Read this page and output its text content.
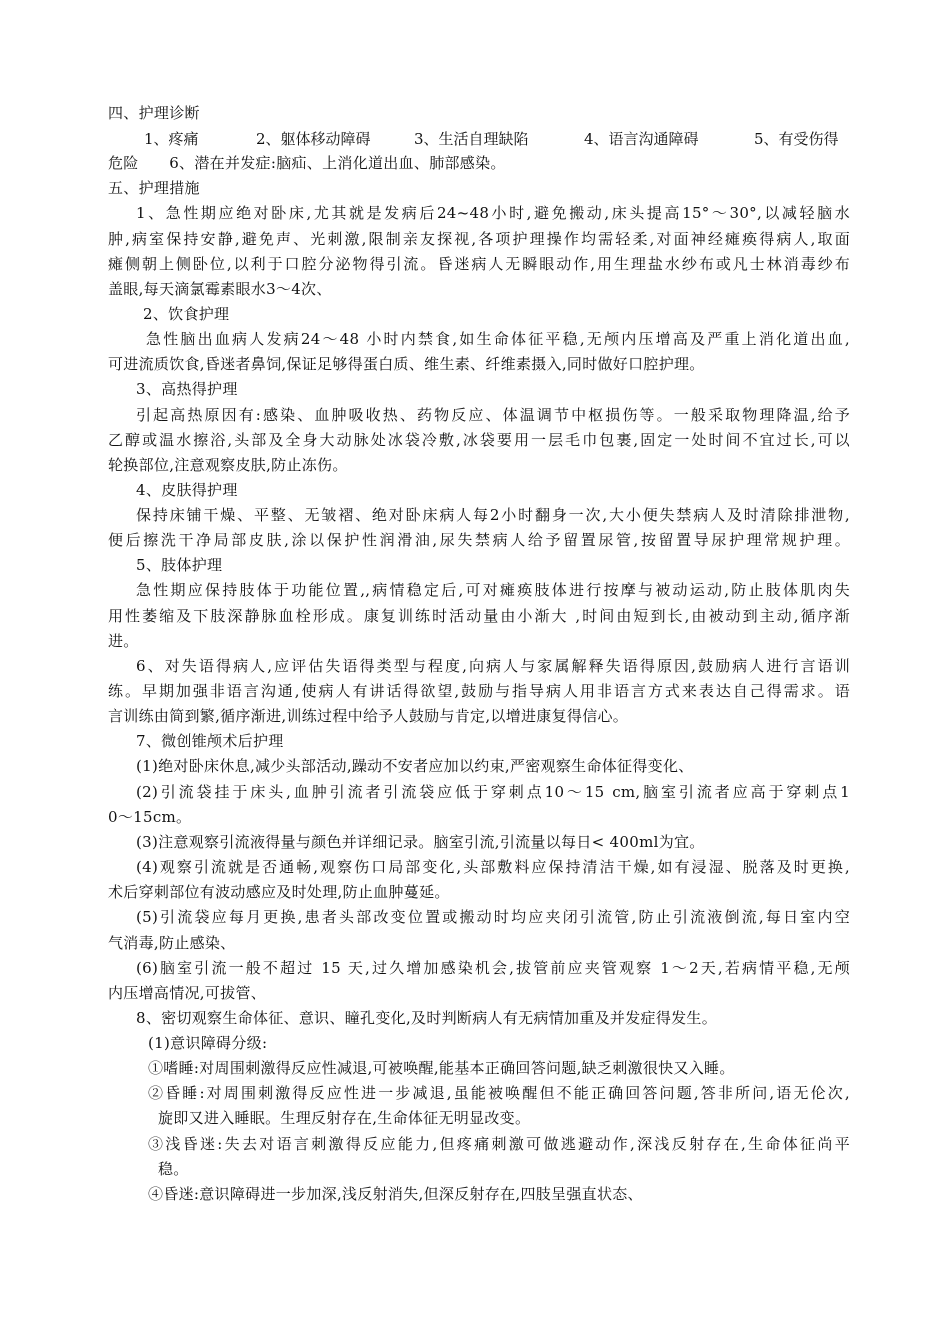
四、护理诊断
1、疼痛	2、躯体移动障碍	3、生活自理缺陷	4、语言沟通障碍	5、有受伤得
危险　　6、潜在并发症:脑疝、上消化道出血、肺部感染。
五、护理措施
1、急性期应绝对卧床,尤其就是发病后24~48小时,避免搬动,床头提高15°～30°,以减轻脑水
肿,病室保持安静,避免声、光刺激,限制亲友探视,各项护理操作均需轻柔,对面神经瘫痪得病人,取面
瘫侧朝上侧卧位,以利于口腔分泌物得引流。昏迷病人无瞬眼动作,用生理盐水纱布或凡士林消毒纱布
盖眼,每天滴氯霉素眼水3～4次、
2、饮食护理
急性脑出血病人发病24～48 小时内禁食,如生命体征平稳,无颅内压增高及严重上消化道出血,
可进流质饮食,昏迷者鼻饲,保证足够得蛋白质、维生素、纤维素摄入,同时做好口腔护理。
3、高热得护理
引起高热原因有:感染、血肿吸收热、药物反应、体温调节中枢损伤等。一般采取物理降温,给予
乙醇或温水擦浴,头部及全身大动脉处冰袋冷敷,冰袋要用一层毛巾包裹,固定一处时间不宜过长,可以
轮换部位,注意观察皮肤,防止冻伤。
4、皮肤得护理
保持床铺干燥、平整、无皱褶、绝对卧床病人每2小时翻身一次,大小便失禁病人及时清除排泄物,
便后擦洗干净局部皮肤,涂以保护性润滑油,尿失禁病人给予留置尿管,按留置导尿护理常规护理。
5、肢体护理
急性期应保持肢体于功能位置,,病情稳定后,可对瘫痪肢体进行按摩与被动运动,防止肢体肌肉失
用性萎缩及下肢深静脉血栓形成。康复训练时活动量由小渐大 ,时间由短到长,由被动到主动,循序渐
进。
6、对失语得病人,应评估失语得类型与程度,向病人与家属解释失语得原因,鼓励病人进行言语训
练。早期加强非语言沟通,使病人有讲话得欲望,鼓励与指导病人用非语言方式来表达自己得需求。语
言训练由简到繁,循序渐进,训练过程中给予人鼓励与肯定,以增进康复得信心。
7、微创锥颅术后护理
(1)绝对卧床休息,减少头部活动,躁动不安者应加以约束,严密观察生命体征得变化、
(2)引流袋挂于床头,血肿引流者引流袋应低于穿刺点10～15 cm,脑室引流者应高于穿刺点1
0～15cm。
(3)注意观察引流液得量与颜色并详细记录。脑室引流,引流量以每日< 400ml为宜。
(4)观察引流就是否通畅,观察伤口局部变化,头部敷料应保持清洁干燥,如有浸湿、脱落及时更换,
术后穿刺部位有波动感应及时处理,防止血肿蔓延。
(5)引流袋应每月更换,患者头部改变位置或搬动时均应夹闭引流管,防止引流液倒流,每日室内空
气消毒,防止感染、
(6)脑室引流一般不超过 15 天,过久增加感染机会,拔管前应夹管观察 1～2天,若病情平稳,无颅
内压增高情况,可拔管、
8、密切观察生命体征、意识、瞳孔变化,及时判断病人有无病情加重及并发症得发生。
(1)意识障碍分级:
①嗜睡:对周围刺激得反应性减退,可被唤醒,能基本正确回答问题,缺乏刺激很快又入睡。
②昏睡:对周围刺激得反应性进一步减退,虽能被唤醒但不能正确回答问题,答非所问,语无伦次,
旋即又进入睡眠。生理反射存在,生命体征无明显改变。
③浅昏迷:失去对语言刺激得反应能力,但疼痛刺激可做逃避动作,深浅反射存在,生命体征尚平
稳。
④昏迷:意识障碍进一步加深,浅反射消失,但深反射存在,四肢呈强直状态、
